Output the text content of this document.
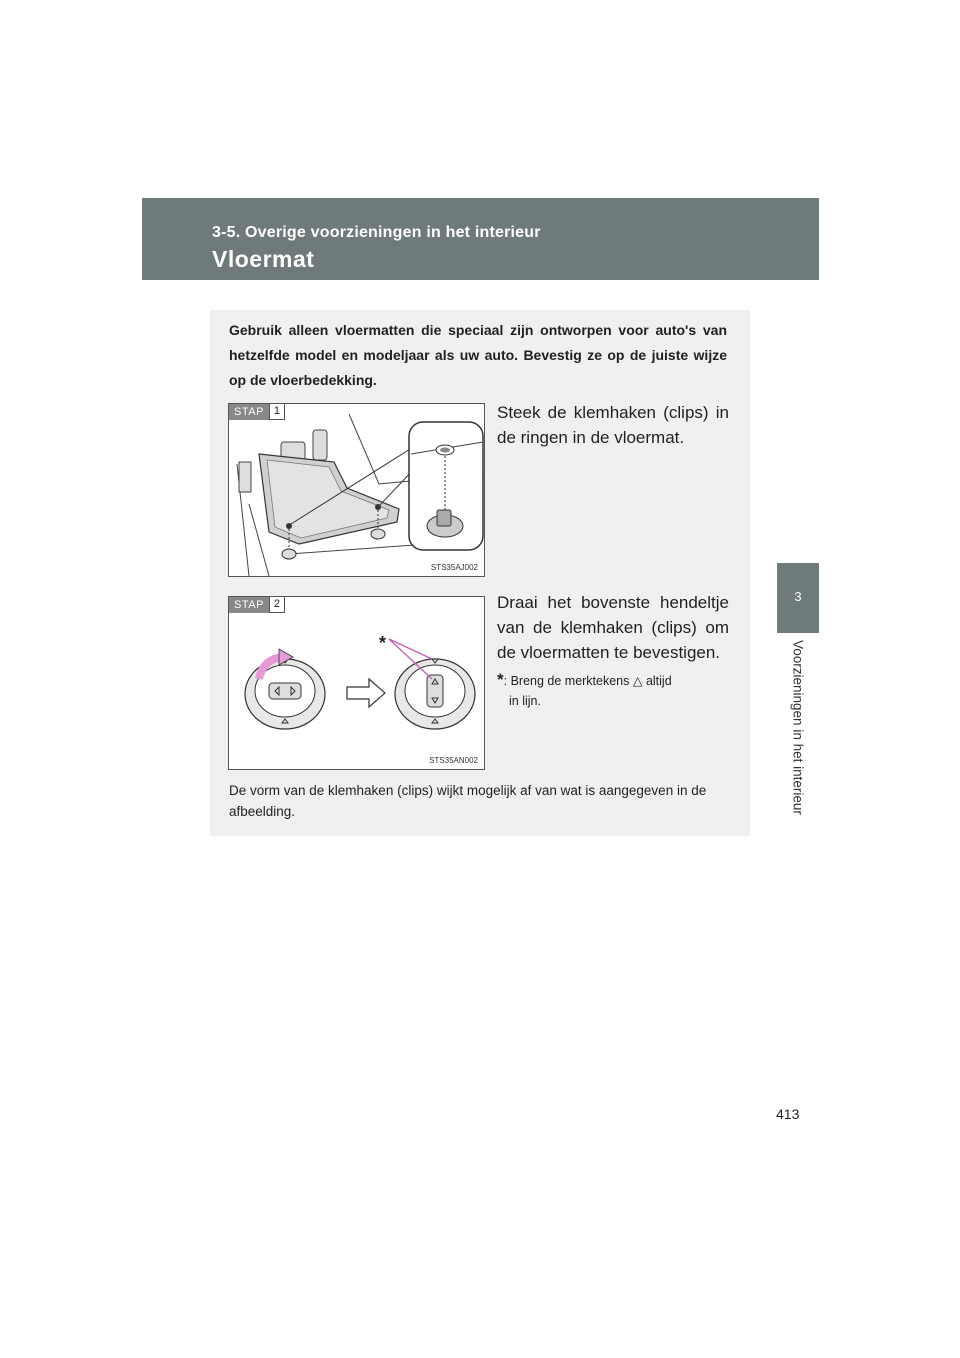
3-5. Overige voorzieningen in het interieur
Vloermat
3
Voorzieningen in het interieur
Gebruik alleen vloermatten die speciaal zijn ontworpen voor auto's van hetzelfde model en modeljaar als uw auto. Bevestig ze op de juiste wijze op de vloerbedekking.
STAP 1
STS35AJ002
Steek de klemhaken (clips) in de ringen in de vloermat.
*
STAP 2
STS35AN002
Draai het bovenste hendeltje van de klemhaken (clips) om de vloermatten te bevestigen.
*: Breng de merktekens △ altijd
in lijn.
De vorm van de klemhaken (clips) wijkt mogelijk af van wat is aangegeven in de afbeelding.
413
